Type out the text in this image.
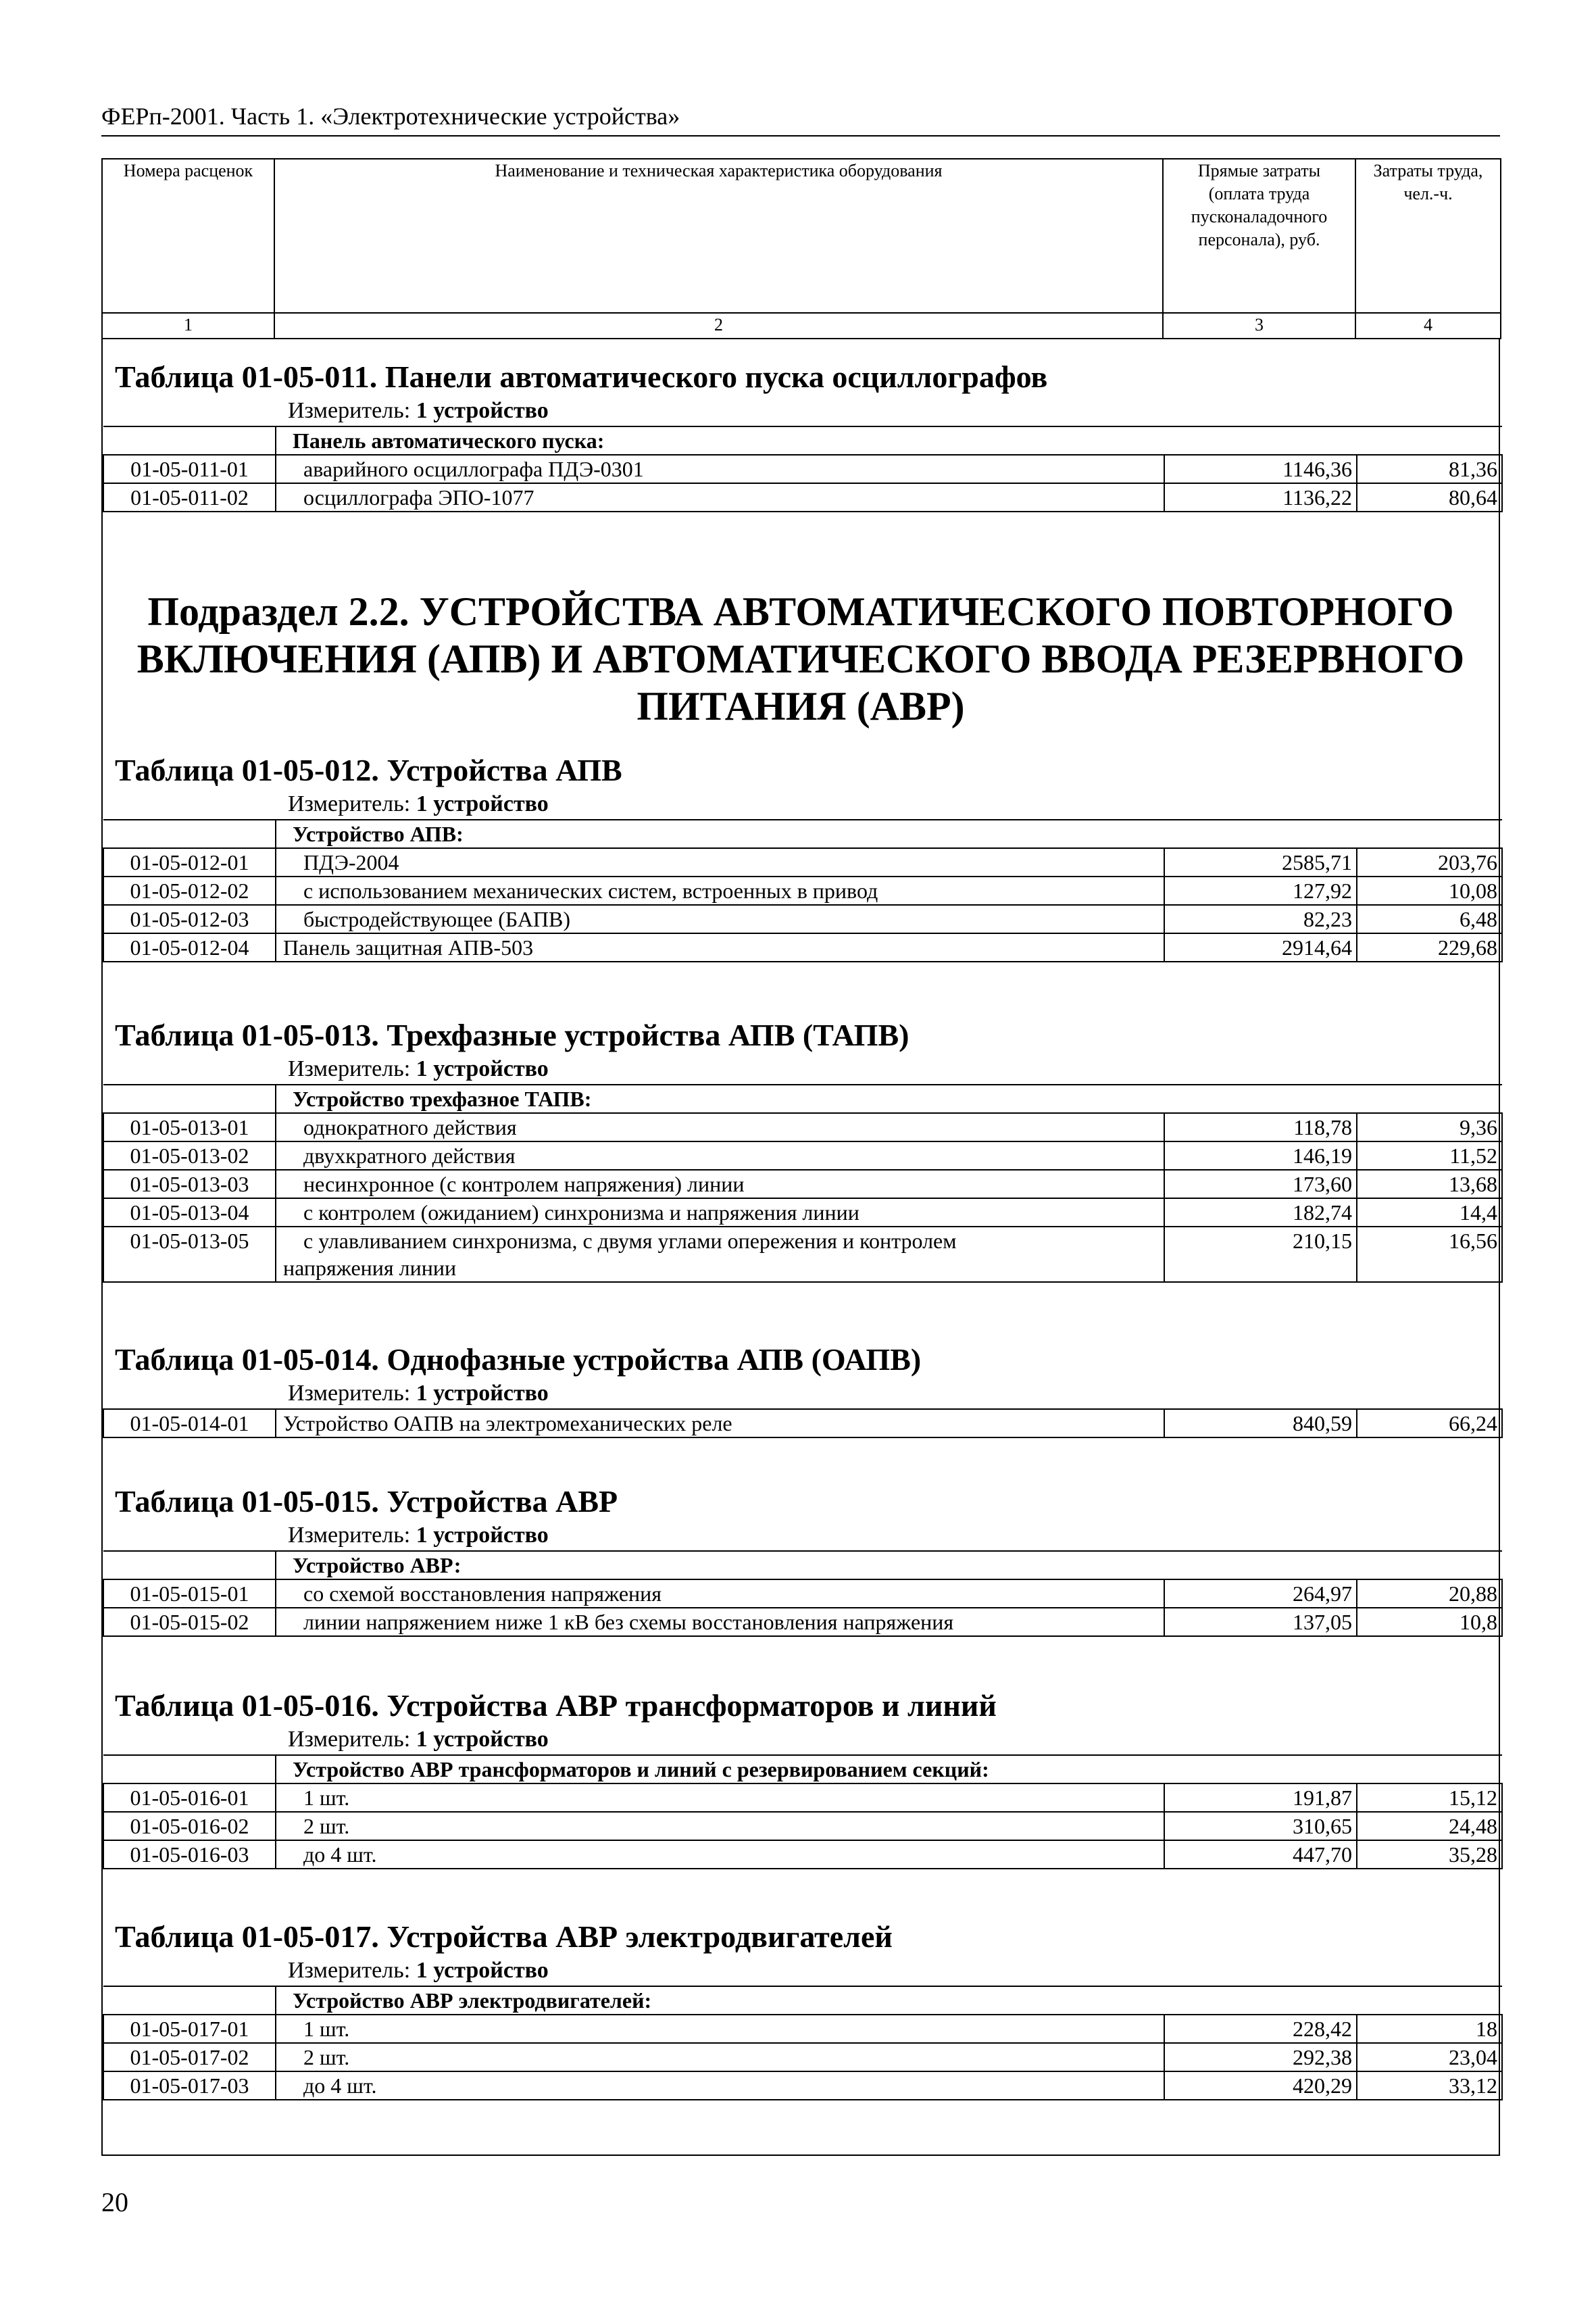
ФЕРп-2001. Часть 1. «Электротехнические устройства»
Номера расценок	Наименование и техническая характеристика оборудования	Прямые затраты (оплата труда пусконаладочного персонала), руб.	Затраты труда, чел.-ч.
1	2	3	4
Таблица 01-05-011. Панели автоматического пуска осциллографов
Измеритель: 1 устройство
	Панель автоматического пуска:		
01-05-011-01	аварийного осциллографа ПДЭ-0301	1146,36	81,36
01-05-011-02	осциллографа ЭПО-1077	1136,22	80,64
Подраздел 2.2. УСТРОЙСТВА АВТОМАТИЧЕСКОГО ПОВТОРНОГО ВКЛЮЧЕНИЯ (АПВ) И АВТОМАТИЧЕСКОГО ВВОДА РЕЗЕРВНОГО ПИТАНИЯ (АВР)
Таблица 01-05-012. Устройства АПВ
Измеритель: 1 устройство
	Устройство АПВ:		
01-05-012-01	ПДЭ-2004	2585,71	203,76
01-05-012-02	с использованием механических систем, встроенных в привод	127,92	10,08
01-05-012-03	быстродействующее (БАПВ)	82,23	6,48
01-05-012-04	Панель защитная АПВ-503	2914,64	229,68
Таблица 01-05-013. Трехфазные устройства АПВ (ТАПВ)
Измеритель: 1 устройство
	Устройство трехфазное ТАПВ:		
01-05-013-01	однократного действия	118,78	9,36
01-05-013-02	двухкратного действия	146,19	11,52
01-05-013-03	несинхронное (с контролем напряжения) линии	173,60	13,68
01-05-013-04	с контролем (ожиданием) синхронизма и напряжения линии	182,74	14,4
01-05-013-05	с улавливанием синхронизма, с двумя углами опережения и контролем
напряжения линии	210,15	16,56
Таблица 01-05-014. Однофазные устройства АПВ (ОАПВ)
Измеритель: 1 устройство
01-05-014-01	Устройство ОАПВ на электромеханических реле	840,59	66,24
Таблица 01-05-015. Устройства АВР
Измеритель: 1 устройство
	Устройство АВР:		
01-05-015-01	со схемой восстановления напряжения	264,97	20,88
01-05-015-02	линии напряжением ниже 1 кВ без схемы восстановления напряжения	137,05	10,8
Таблица 01-05-016. Устройства АВР трансформаторов и линий
Измеритель: 1 устройство
	Устройство АВР трансформаторов и линий с резервированием секций:		
01-05-016-01	1 шт.	191,87	15,12
01-05-016-02	2 шт.	310,65	24,48
01-05-016-03	до 4 шт.	447,70	35,28
Таблица 01-05-017. Устройства АВР электродвигателей
Измеритель: 1 устройство
	Устройство АВР электродвигателей:		
01-05-017-01	1 шт.	228,42	18
01-05-017-02	2 шт.	292,38	23,04
01-05-017-03	до 4 шт.	420,29	33,12
20
